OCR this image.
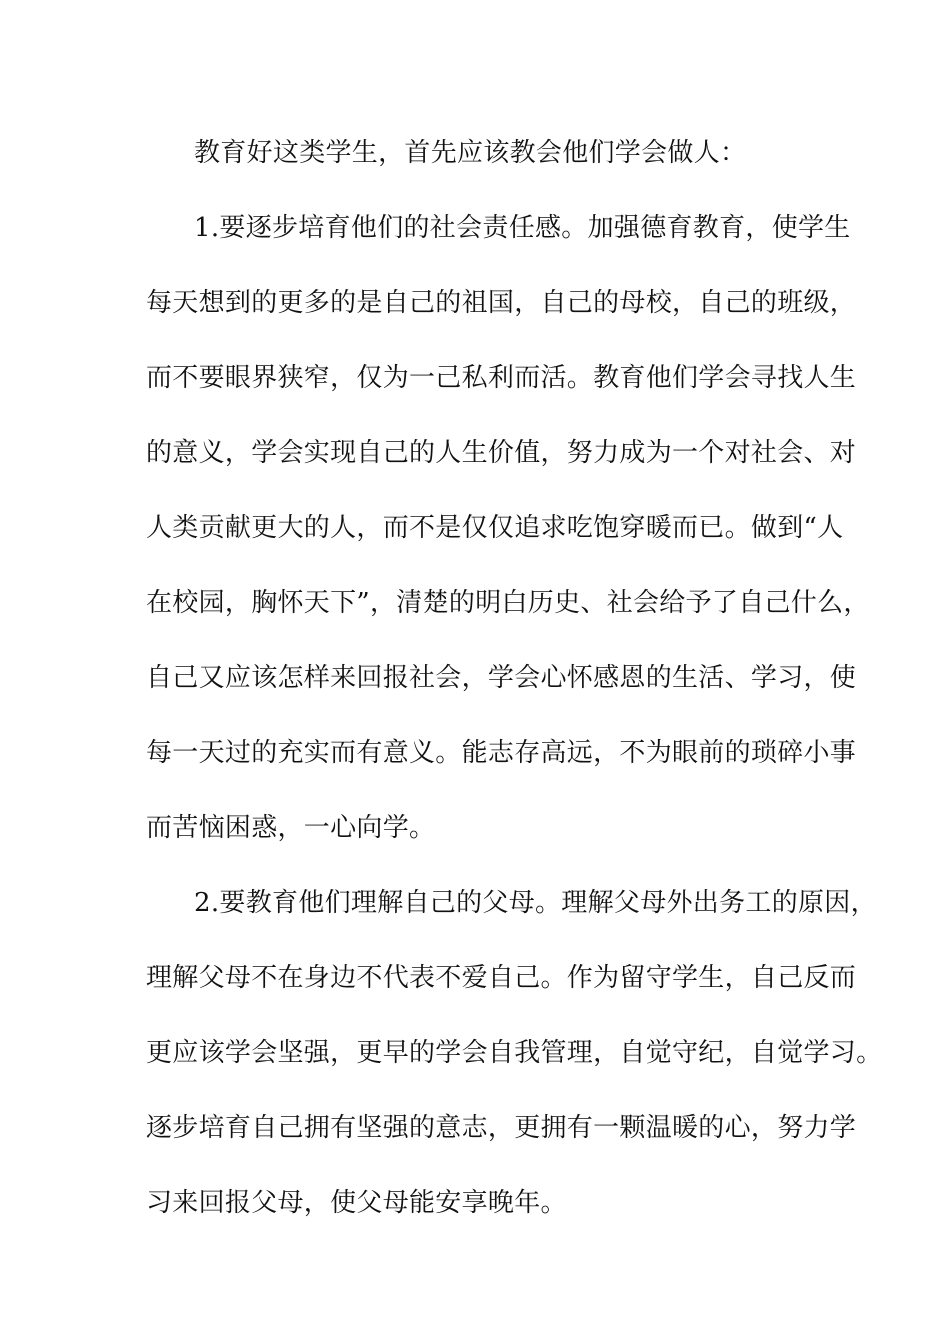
教育好这类学生，首先应该教会他们学会做人：
1.要逐步培育他们的社会责任感。加强德育教育，使学生
每天想到的更多的是自己的祖国，自己的母校，自己的班级，
而不要眼界狭窄，仅为一己私利而活。教育他们学会寻找人生
的意义，学会实现自己的人生价值，努力成为一个对社会、对
人类贡献更大的人，而不是仅仅追求吃饱穿暖而已。做到“人
在校园，胸怀天下”，清楚的明白历史、社会给予了自己什么，
自己又应该怎样来回报社会，学会心怀感恩的生活、学习，使
每一天过的充实而有意义。能志存高远，不为眼前的琐碎小事
而苦恼困惑，一心向学。
2.要教育他们理解自己的父母。理解父母外出务工的原因，
理解父母不在身边不代表不爱自己。作为留守学生，自己反而
更应该学会坚强，更早的学会自我管理，自觉守纪，自觉学习。
逐步培育自己拥有坚强的意志，更拥有一颗温暖的心，努力学
习来回报父母，使父母能安享晚年。
